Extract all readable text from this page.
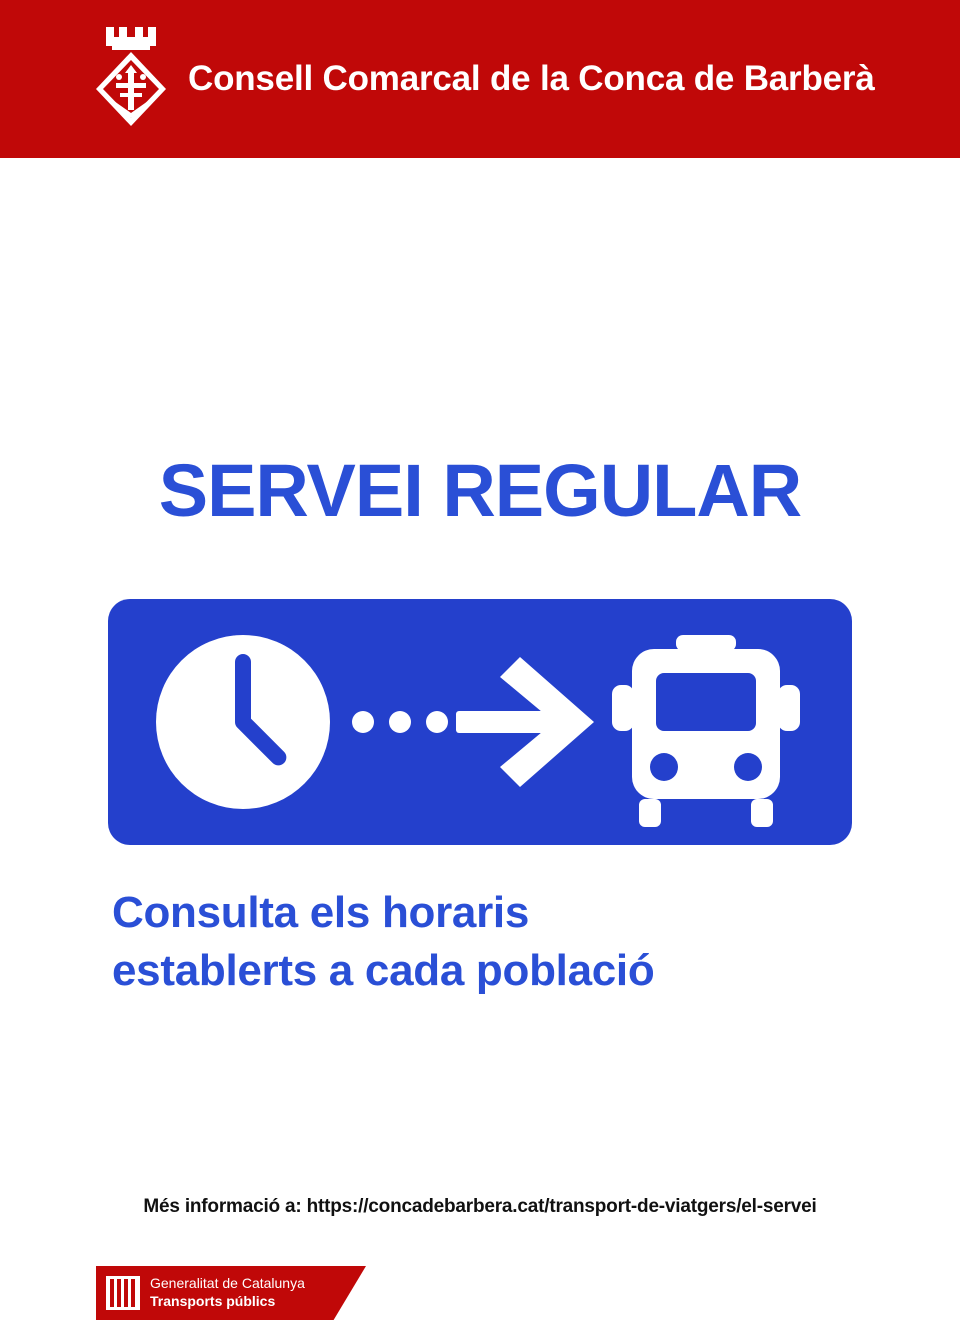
Consell Comarcal de la Conca de Barberà
SERVEI REGULAR
Consulta els horaris
establerts a cada població
Més informació a: https://concadebarbera.cat/transport-de-viatgers/el-servei
Generalitat de Catalunya
Transports públics
